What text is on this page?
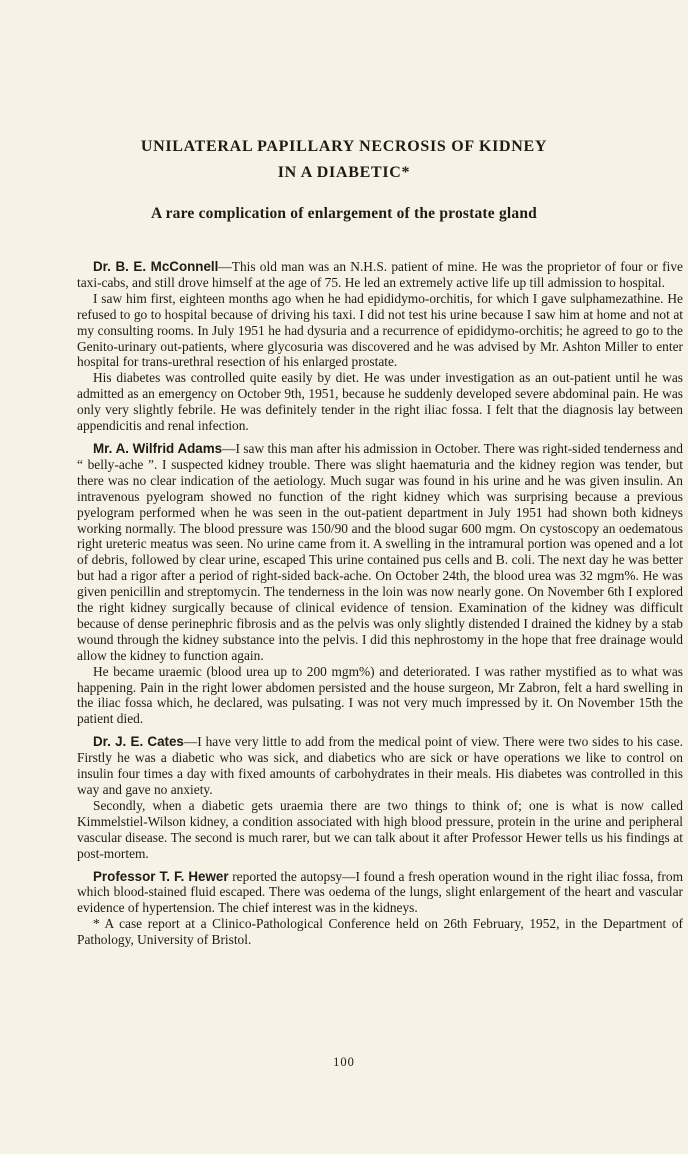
UNILATERAL PAPILLARY NECROSIS OF KIDNEY
IN A DIABETIC*
A rare complication of enlargement of the prostate gland

Dr. B. E. McConnell—This old man was an N.H.S. patient of mine. He was the proprietor of four or five taxi-cabs, and still drove himself at the age of 75. He led an extremely active life up till admission to hospital.

I saw him first, eighteen months ago when he had epididymo-orchitis, for which I gave sulphamezathine. He refused to go to hospital because of driving his taxi. I did not test his urine because I saw him at home and not at my consulting rooms. In July 1951 he had dysuria and a recurrence of epididymo-orchitis; he agreed to go to the Genito-urinary out-patients, where glycosuria was discovered and he was advised by Mr. Ashton Miller to enter hospital for trans-urethral resection of his enlarged prostate.

His diabetes was controlled quite easily by diet. He was under investigation as an out-patient until he was admitted as an emergency on October 9th, 1951, because he suddenly developed severe abdominal pain. He was only very slightly febrile. He was definitely tender in the right iliac fossa. I felt that the diagnosis lay between appendicitis and renal infection.

Mr. A. Wilfrid Adams—I saw this man after his admission in October. There was right-sided tenderness and “ belly-ache ”. I suspected kidney trouble. There was slight haematuria and the kidney region was tender, but there was no clear indication of the aetiology. Much sugar was found in his urine and he was given insulin. An intravenous pyelogram showed no function of the right kidney which was surprising because a previous pyelogram performed when he was seen in the out-patient department in July 1951 had shown both kidneys working normally. The blood pressure was 150/90 and the blood sugar 600 mgm. On cystoscopy an oedematous right ureteric meatus was seen. No urine came from it. A swelling in the intramural portion was opened and a lot of debris, followed by clear urine, escaped This urine contained pus cells and B. coli. The next day he was better but had a rigor after a period of right-sided back-ache. On October 24th, the blood urea was 32 mgm%. He was given penicillin and streptomycin. The tenderness in the loin was now nearly gone. On November 6th I explored the right kidney surgically because of clinical evidence of tension. Examination of the kidney was difficult because of dense perinephric fibrosis and as the pelvis was only slightly distended I drained the kidney by a stab wound through the kidney substance into the pelvis. I did this nephrostomy in the hope that free drainage would allow the kidney to function again.

He became uraemic (blood urea up to 200 mgm%) and deteriorated. I was rather mystified as to what was happening. Pain in the right lower abdomen persisted and the house surgeon, Mr Zabron, felt a hard swelling in the iliac fossa which, he declared, was pulsating. I was not very much impressed by it. On November 15th the patient died.

Dr. J. E. Cates—I have very little to add from the medical point of view. There were two sides to his case. Firstly he was a diabetic who was sick, and diabetics who are sick or have operations we like to control on insulin four times a day with fixed amounts of carbohydrates in their meals. His diabetes was controlled in this way and gave no anxiety.

Secondly, when a diabetic gets uraemia there are two things to think of; one is what is now called Kimmelstiel-Wilson kidney, a condition associated with high blood pressure, protein in the urine and peripheral vascular disease. The second is much rarer, but we can talk about it after Professor Hewer tells us his findings at post-mortem.

Professor T. F. Hewer reported the autopsy—I found a fresh operation wound in the right iliac fossa, from which blood-stained fluid escaped. There was oedema of the lungs, slight enlargement of the heart and vascular evidence of hypertension. The chief interest was in the kidneys.

* A case report at a Clinico-Pathological Conference held on 26th February, 1952, in the Department of Pathology, University of Bristol.

100
